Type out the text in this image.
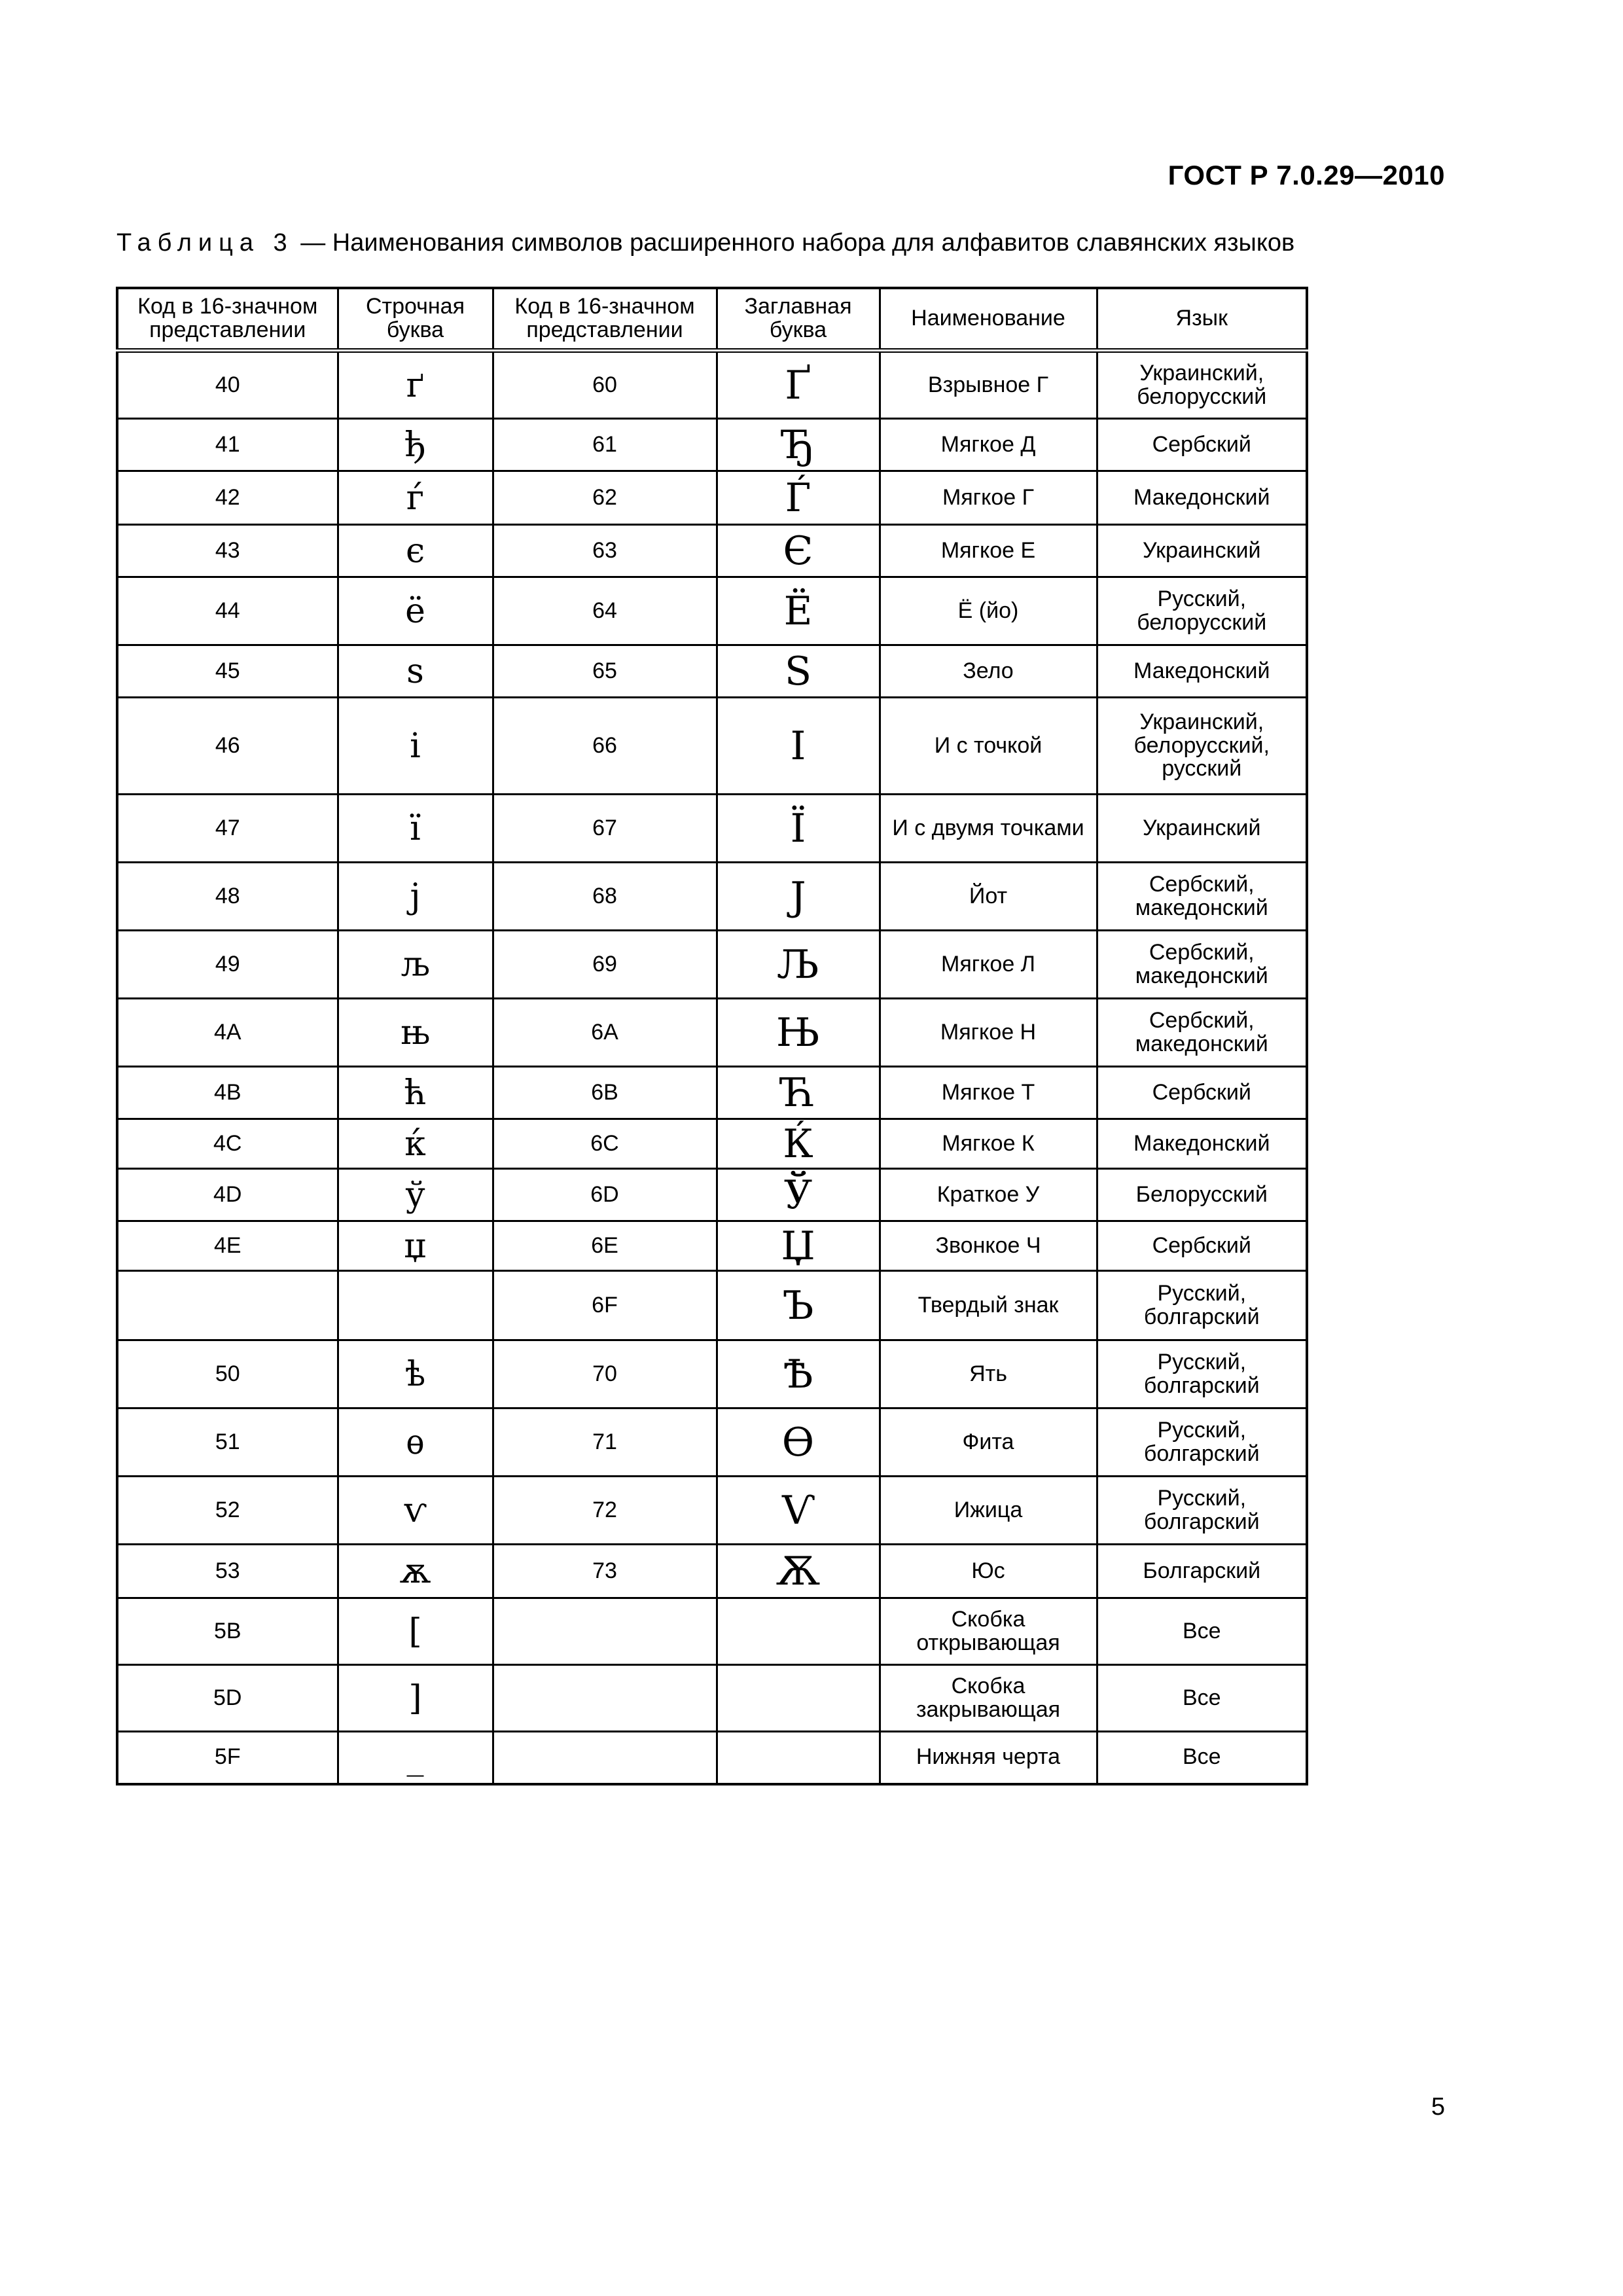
ГОСТ Р 7.0.29—2010
Таблица 3 — Наименования символов расширенного набора для алфавитов славянских языков
Код в 16-значном представлении	Строчная буква	Код в 16-значном представлении	Заглавная буква	Наименование	Язык
40	ґ	60	Ґ	Взрывное Г	Украинский, белорусский
41	ђ	61	Ђ	Мягкое Д	Сербский
42	ѓ	62	Ѓ	Мягкое Г	Македонский
43	є	63	Є	Мягкое Е	Украинский
44	ё	64	Ё	Ё (йо)	Русский, белорусский
45	ѕ	65	Ѕ	Зело	Македонский
46	і	66	І	И с точкой	Украинский, белорусский, русский
47	ї	67	Ї	И с двумя точками	Украинский
48	ј	68	Ј	Йот	Сербский, македонский
49	љ	69	Љ	Мягкое Л	Сербский, македонский
4A	њ	6A	Њ	Мягкое Н	Сербский, македонский
4B	ћ	6B	Ћ	Мягкое Т	Сербский
4C	ќ	6C	Ќ	Мягкое К	Македонский
4D	ў	6D	Ў	Краткое У	Белорусский
4E	џ	6E	Џ	Звонкое Ч	Сербский
		6F	Ъ	Твердый знак	Русский, болгарский
50	ѣ	70	Ѣ	Ять	Русский, болгарский
51	ѳ	71	Ѳ	Фита	Русский, болгарский
52	ѵ	72	Ѵ	Ижица	Русский, болгарский
53	ѫ	73	Ѫ	Юс	Болгарский
5B	[			Скобка открывающая	Все
5D	]			Скобка закрывающая	Все
5F	_			Нижняя черта	Все
5
